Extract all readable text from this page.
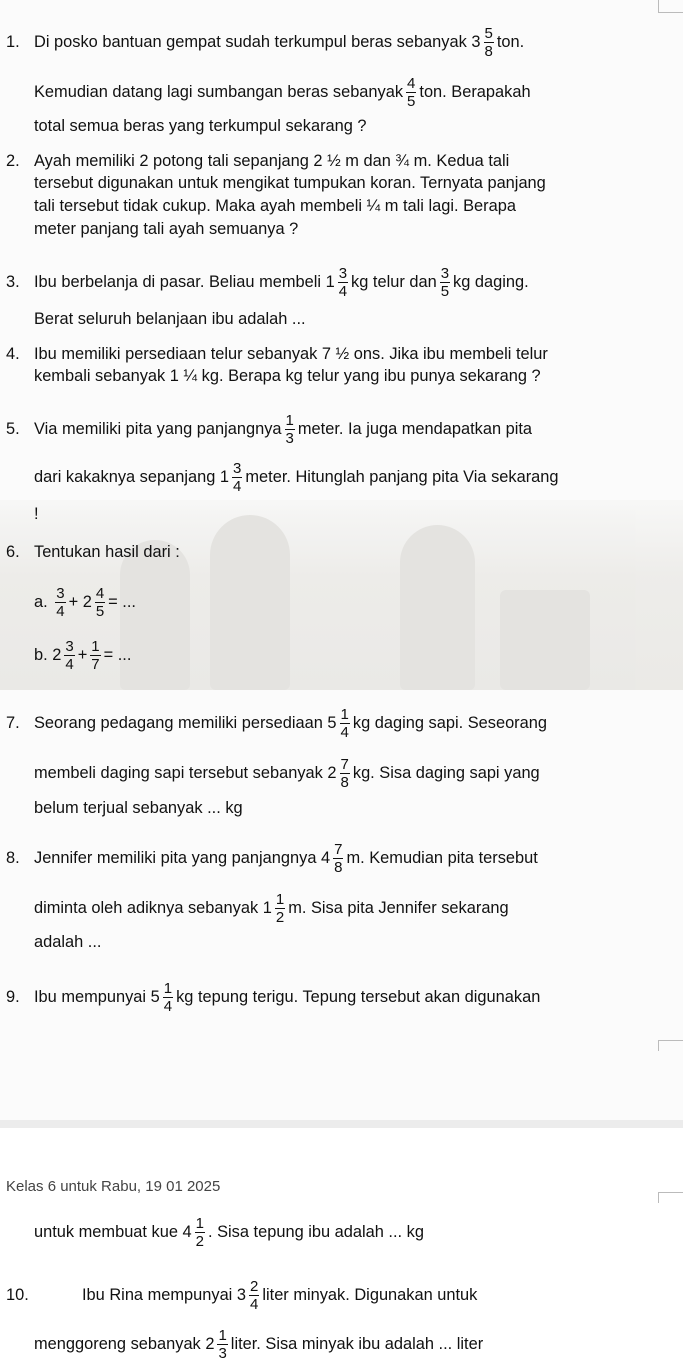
1. Di posko bantuan gempat sudah terkumpul beras sebanyak $3 \frac{5}{8}$ ton.
Kemudian datang lagi sumbangan beras sebanyak $\frac{4}{5}$ ton. Berapakah
total semua beras yang terkumpul sekarang ?
2. Ayah memiliki 2 potong tali sepanjang 2 ½ m dan ¾ m. Kedua tali
tersebut digunakan untuk mengikat tumpukan koran. Ternyata panjang
tali tersebut tidak cukup. Maka ayah membeli ¼ m tali lagi. Berapa
meter panjang tali ayah semuanya ?
3. Ibu berbelanja di pasar. Beliau membeli $1 \frac{3}{4}$ kg telur dan $\frac{3}{5}$ kg daging.
Berat seluruh belanjaan ibu adalah ...
4. Ibu memiliki persediaan telur sebanyak 7 ½ ons. Jika ibu membeli telur
kembali sebanyak 1 ¼ kg. Berapa kg telur yang ibu punya sekarang ?
5. Via memiliki pita yang panjangnya $\frac{1}{3}$ meter. Ia juga mendapatkan pita
dari kakaknya sepanjang $1 \frac{3}{4}$ meter. Hitunglah panjang pita Via sekarang
!
6. Tentukan hasil dari :
a. $\frac{3}{4} + 2 \frac{4}{5}$ = ...
b. $2 \frac{3}{4} + \frac{1}{7}$ = ...
7. Seorang pedagang memiliki persediaan $5 \frac{1}{4}$ kg daging sapi. Seseorang
membeli daging sapi tersebut sebanyak $2 \frac{7}{8}$ kg. Sisa daging sapi yang
belum terjual sebanyak ... kg
8. Jennifer memiliki pita yang panjangnya $4 \frac{7}{8} m$. Kemudian pita tersebut
diminta oleh adiknya sebanyak $1 \frac{1}{2} m$. Sisa pita Jennifer sekarang
adalah ...
9. Ibu mempunyai $5 \frac{1}{4}$ kg tepung terigu. Tepung tersebut akan digunakan
Kelas 6 untuk Rabu, 19 01 2025
untuk membuat kue $4 \frac{1}{2}$ . Sisa tepung ibu adalah ... kg
10.	Ibu Rina mempunyai $3 \frac{2}{4}$ liter minyak. Digunakan untuk
menggoreng sebanyak $2 \frac{1}{3}$ liter. Sisa minyak ibu adalah ... liter
